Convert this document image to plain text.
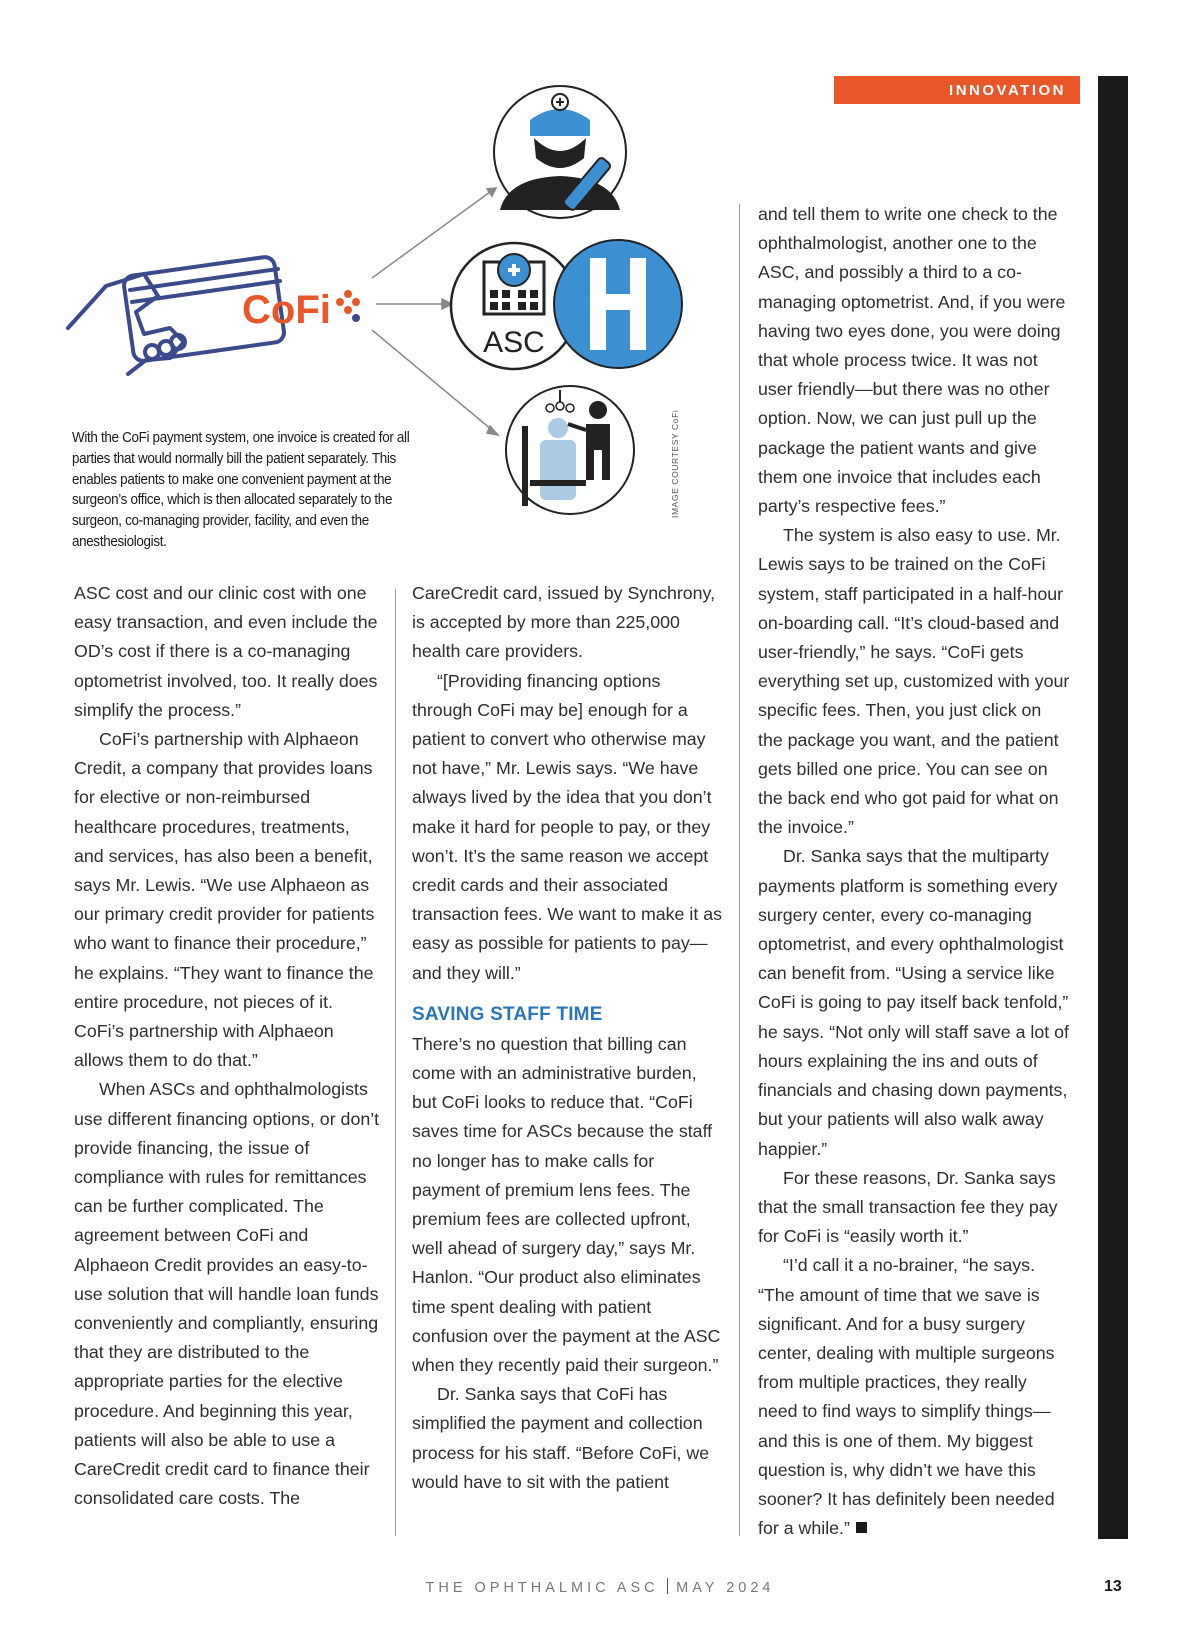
INNOVATION
CoFi
ASC
With the CoFi payment system, one invoice is created for all parties that would normally bill the patient separately. This enables patients to make one convenient payment at the surgeon’s office, which is then allocated separately to the surgeon, co-managing provider, facility, and even the anesthesiologist.
IMAGE COURTESY CoFi

ASC cost and our clinic cost with one easy transaction, and even include the OD’s cost if there is a co-managing optometrist involved, too. It really does simplify the process.”

CoFi’s partnership with Alphaeon Credit, a company that provides loans for elective or non-reimbursed healthcare procedures, treatments, and services, has also been a benefit, says Mr. Lewis. “We use Alphaeon as our primary credit provider for patients who want to finance their procedure,” he explains. “They want to finance the entire procedure, not pieces of it. CoFi’s partnership with Alphaeon allows them to do that.”

When ASCs and ophthalmologists use different financing options, or don’t provide financing, the issue of compliance with rules for remittances can be further complicated. The agreement between CoFi and Alphaeon Credit provides an easy-to-use solution that will handle loan funds conveniently and compliantly, ensuring that they are distributed to the appropriate parties for the elective procedure. And beginning this year, patients will also be able to use a CareCredit credit card to finance their consolidated care costs. The

CareCredit card, issued by Synchrony, is accepted by more than 225,000 health care providers.

“[Providing financing options through CoFi may be] enough for a patient to convert who otherwise may not have,” Mr. Lewis says. “We have always lived by the idea that you don’t make it hard for people to pay, or they won’t. It’s the same reason we accept credit cards and their associated transaction fees. We want to make it as easy as possible for patients to pay—and they will.”

SAVING STAFF TIME

There’s no question that billing can come with an administrative burden, but CoFi looks to reduce that. “CoFi saves time for ASCs because the staff no longer has to make calls for payment of premium lens fees. The premium fees are collected upfront, well ahead of surgery day,” says Mr. Hanlon. “Our product also eliminates time spent dealing with patient confusion over the payment at the ASC when they recently paid their surgeon.”

Dr. Sanka says that CoFi has simplified the payment and collection process for his staff. “Before CoFi, we would have to sit with the patient

and tell them to write one check to the ophthalmologist, another one to the ASC, and possibly a third to a co-managing optometrist. And, if you were having two eyes done, you were doing that whole process twice. It was not user friendly—but there was no other option. Now, we can just pull up the package the patient wants and give them one invoice that includes each party’s respective fees.”

The system is also easy to use. Mr. Lewis says to be trained on the CoFi system, staff participated in a half-hour on-boarding call. “It’s cloud-based and user-friendly,” he says. “CoFi gets everything set up, customized with your specific fees. Then, you just click on the package you want, and the patient gets billed one price. You can see on the back end who got paid for what on the invoice.”

Dr. Sanka says that the multiparty payments platform is something every surgery center, every co-managing optometrist, and every ophthalmologist can benefit from. “Using a service like CoFi is going to pay itself back tenfold,” he says. “Not only will staff save a lot of hours explaining the ins and outs of financials and chasing down payments, but your patients will also walk away happier.”

For these reasons, Dr. Sanka says that the small transaction fee they pay for CoFi is “easily worth it.”

“I’d call it a no-brainer, “he says. “The amount of time that we save is significant. And for a busy surgery center, dealing with multiple surgeons from multiple practices, they really need to find ways to simplify things—and this is one of them. My biggest question is, why didn’t we have this sooner? It has definitely been needed for a while.”

THE OPHTHALMIC ASC MAY 2024	13
